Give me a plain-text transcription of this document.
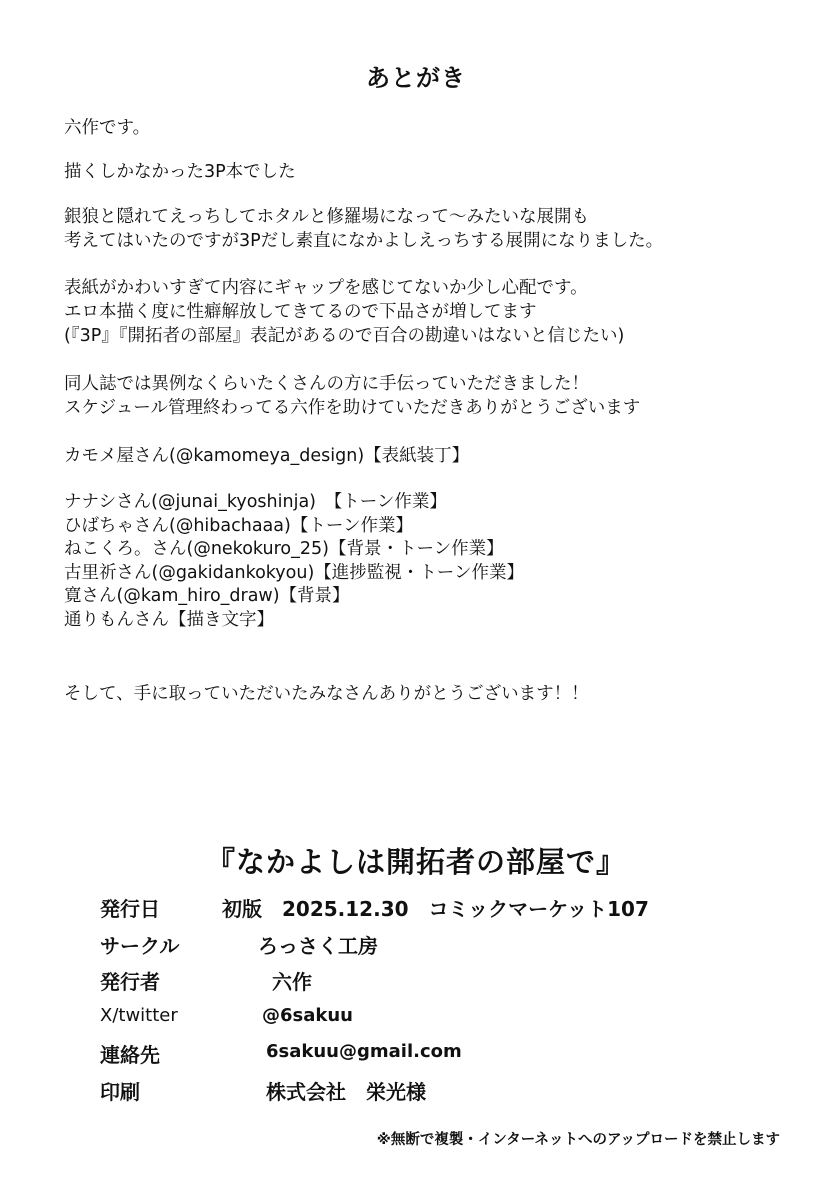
あとがき
六作です。
描くしかなかった3P本でした
銀狼と隠れてえっちしてホタルと修羅場になって～みたいな展開も
考えてはいたのですが3Pだし素直になかよしえっちする展開になりました。
表紙がかわいすぎて内容にギャップを感じてないか少し心配です。
エロ本描く度に性癖解放してきてるので下品さが増してます
(『3P』『開拓者の部屋』表記があるので百合の勘違いはないと信じたい)
同人誌では異例なくらいたくさんの方に手伝っていただきました！
スケジュール管理終わってる六作を助けていただきありがとうございます
カモメ屋さん(@kamomeya_design)【表紙装丁】
ナナシさん(@junai_kyoshinja)　【トーン作業】
ひばちゃさん(@hibachaaa)【トーン作業】
ねこくろ。さん(@nekokuro_25)【背景・トーン作業】
古里祈さん(@gakidankokyou)【進捗監視・トーン作業】
寛さん(@kam_hiro_draw)【背景】
通りもんさん【描き文字】
そして、手に取っていただいたみなさんありがとうございます！！
『なかよしは開拓者の部屋で』
発行日	初版　2025.12.30　コミックマーケット107
サークル	ろっさく工房
発行者	六作
X/twitter	@6sakuu
連絡先	6sakuu@gmail.com
印刷	株式会社　栄光様
※無断で複製・インターネットへのアップロードを禁止します
